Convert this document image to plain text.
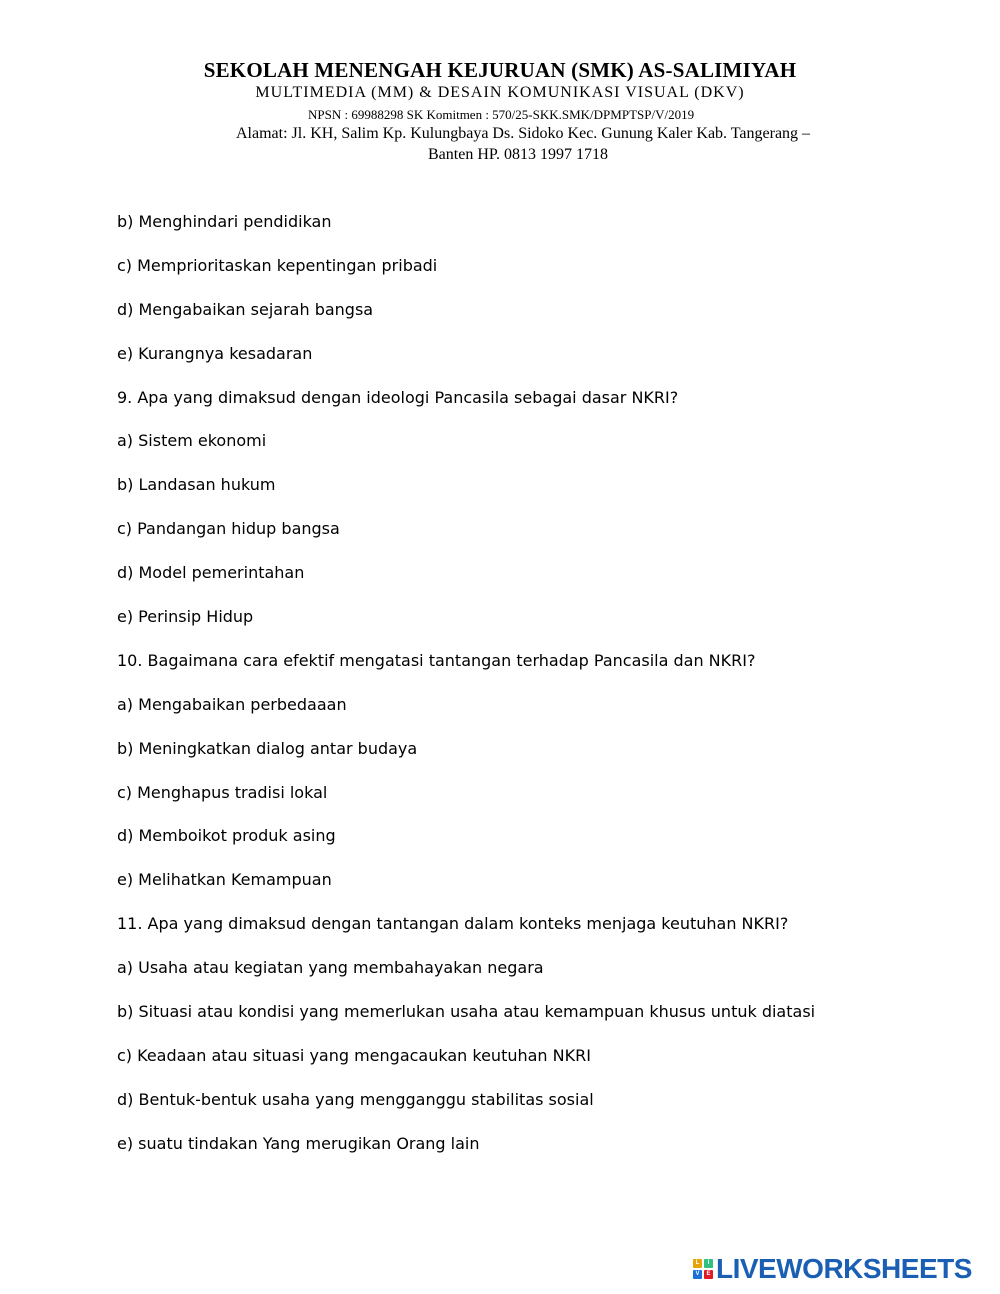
SEKOLAH MENENGAH KEJURUAN (SMK) AS-SALIMIYAH
MULTIMEDIA (MM) & DESAIN KOMUNIKASI VISUAL (DKV)
NPSN : 69988298 SK Komitmen : 570/25-SKK.SMK/DPMPTSP/V/2019
Alamat: Jl. KH, Salim Kp. Kulungbaya Ds. Sidoko Kec. Gunung Kaler Kab. Tangerang –
Banten HP. 0813 1997 1718
b) Menghindari pendidikan
c) Memprioritaskan kepentingan pribadi
d) Mengabaikan sejarah bangsa
e) Kurangnya kesadaran
9. Apa yang dimaksud dengan ideologi Pancasila sebagai dasar NKRI?
a) Sistem ekonomi
b) Landasan hukum
c) Pandangan hidup bangsa
d) Model pemerintahan
e) Perinsip Hidup
10. Bagaimana cara efektif mengatasi tantangan terhadap Pancasila dan NKRI?
a) Mengabaikan perbedaaan
b) Meningkatkan dialog antar budaya
c) Menghapus tradisi lokal
d) Memboikot produk asing
e) Melihatkan Kemampuan
11. Apa yang dimaksud dengan tantangan dalam konteks menjaga keutuhan NKRI?
a) Usaha atau kegiatan yang membahayakan negara
b) Situasi atau kondisi yang memerlukan usaha atau kemampuan khusus untuk diatasi
c) Keadaan atau situasi yang mengacaukan keutuhan NKRI
d) Bentuk-bentuk usaha yang mengganggu stabilitas sosial
e) suatu tindakan Yang merugikan Orang lain
L	I
V	E LIVEWORKSHEETS
